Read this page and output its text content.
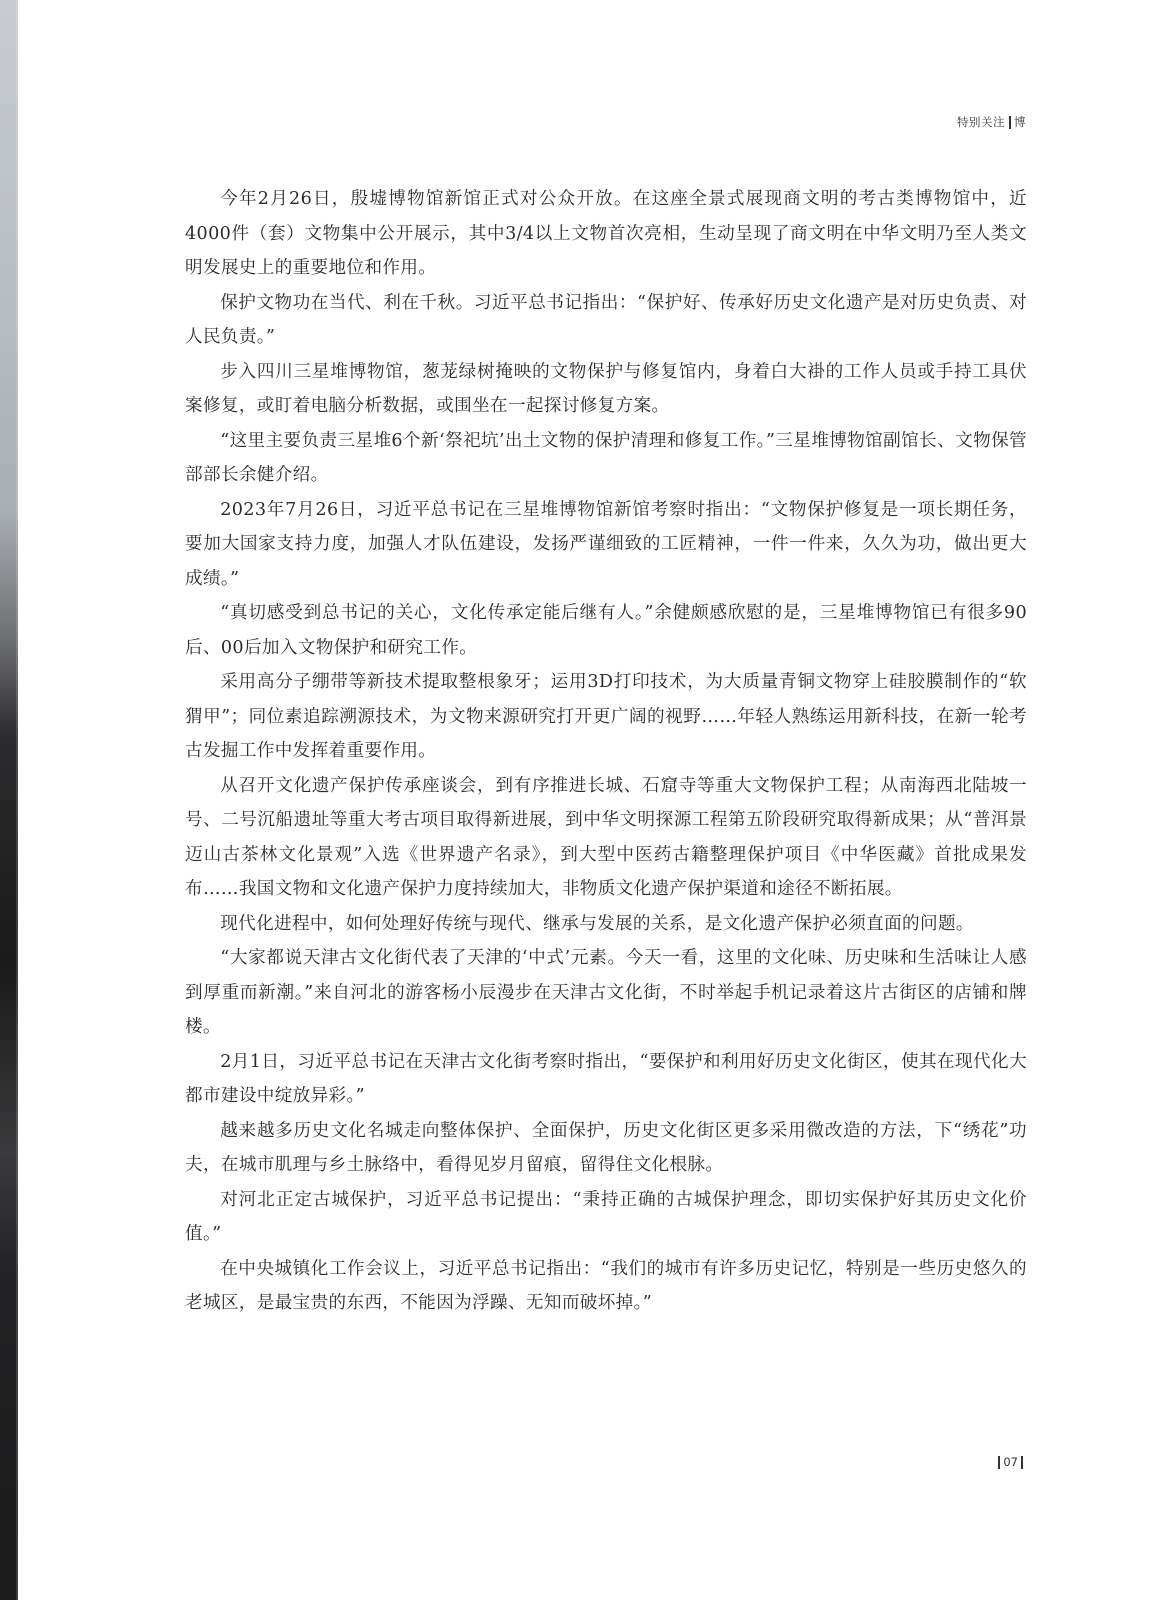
特别关注 博

今年2月26日，殷墟博物馆新馆正式对公众开放。在这座全景式展现商文明的考古类博物馆中，近4000件（套）文物集中公开展示，其中3/4以上文物首次亮相，生动呈现了商文明在中华文明乃至人类文明发展史上的重要地位和作用。

保护文物功在当代、利在千秋。习近平总书记指出：“保护好、传承好历史文化遗产是对历史负责、对人民负责。”

步入四川三星堆博物馆，葱茏绿树掩映的文物保护与修复馆内，身着白大褂的工作人员或手持工具伏案修复，或盯着电脑分析数据，或围坐在一起探讨修复方案。

“这里主要负责三星堆6个新‘祭祀坑’出土文物的保护清理和修复工作。”三星堆博物馆副馆长、文物保管部部长余健介绍。

2023年7月26日，习近平总书记在三星堆博物馆新馆考察时指出：“文物保护修复是一项长期任务，要加大国家支持力度，加强人才队伍建设，发扬严谨细致的工匠精神，一件一件来，久久为功，做出更大成绩。”

“真切感受到总书记的关心，文化传承定能后继有人。”余健颇感欣慰的是，三星堆博物馆已有很多90后、00后加入文物保护和研究工作。

采用高分子绷带等新技术提取整根象牙；运用3D打印技术，为大质量青铜文物穿上硅胶膜制作的“软猬甲”；同位素追踪溯源技术，为文物来源研究打开更广阔的视野……年轻人熟练运用新科技，在新一轮考古发掘工作中发挥着重要作用。

从召开文化遗产保护传承座谈会，到有序推进长城、石窟寺等重大文物保护工程；从南海西北陆坡一号、二号沉船遗址等重大考古项目取得新进展，到中华文明探源工程第五阶段研究取得新成果；从“普洱景迈山古茶林文化景观”入选《世界遗产名录》，到大型中医药古籍整理保护项目《中华医藏》首批成果发布……我国文物和文化遗产保护力度持续加大，非物质文化遗产保护渠道和途径不断拓展。

现代化进程中，如何处理好传统与现代、继承与发展的关系，是文化遗产保护必须直面的问题。

“大家都说天津古文化街代表了天津的‘中式’元素。今天一看，这里的文化味、历史味和生活味让人感到厚重而新潮。”来自河北的游客杨小辰漫步在天津古文化街，不时举起手机记录着这片古街区的店铺和牌楼。

2月1日，习近平总书记在天津古文化街考察时指出，“要保护和利用好历史文化街区，使其在现代化大都市建设中绽放异彩。”

越来越多历史文化名城走向整体保护、全面保护，历史文化街区更多采用微改造的方法，下“绣花”功夫，在城市肌理与乡土脉络中，看得见岁月留痕，留得住文化根脉。

对河北正定古城保护，习近平总书记提出：“秉持正确的古城保护理念，即切实保护好其历史文化价值。”

在中央城镇化工作会议上，习近平总书记指出：“我们的城市有许多历史记忆，特别是一些历史悠久的老城区，是最宝贵的东西，不能因为浮躁、无知而破坏掉。”

07
